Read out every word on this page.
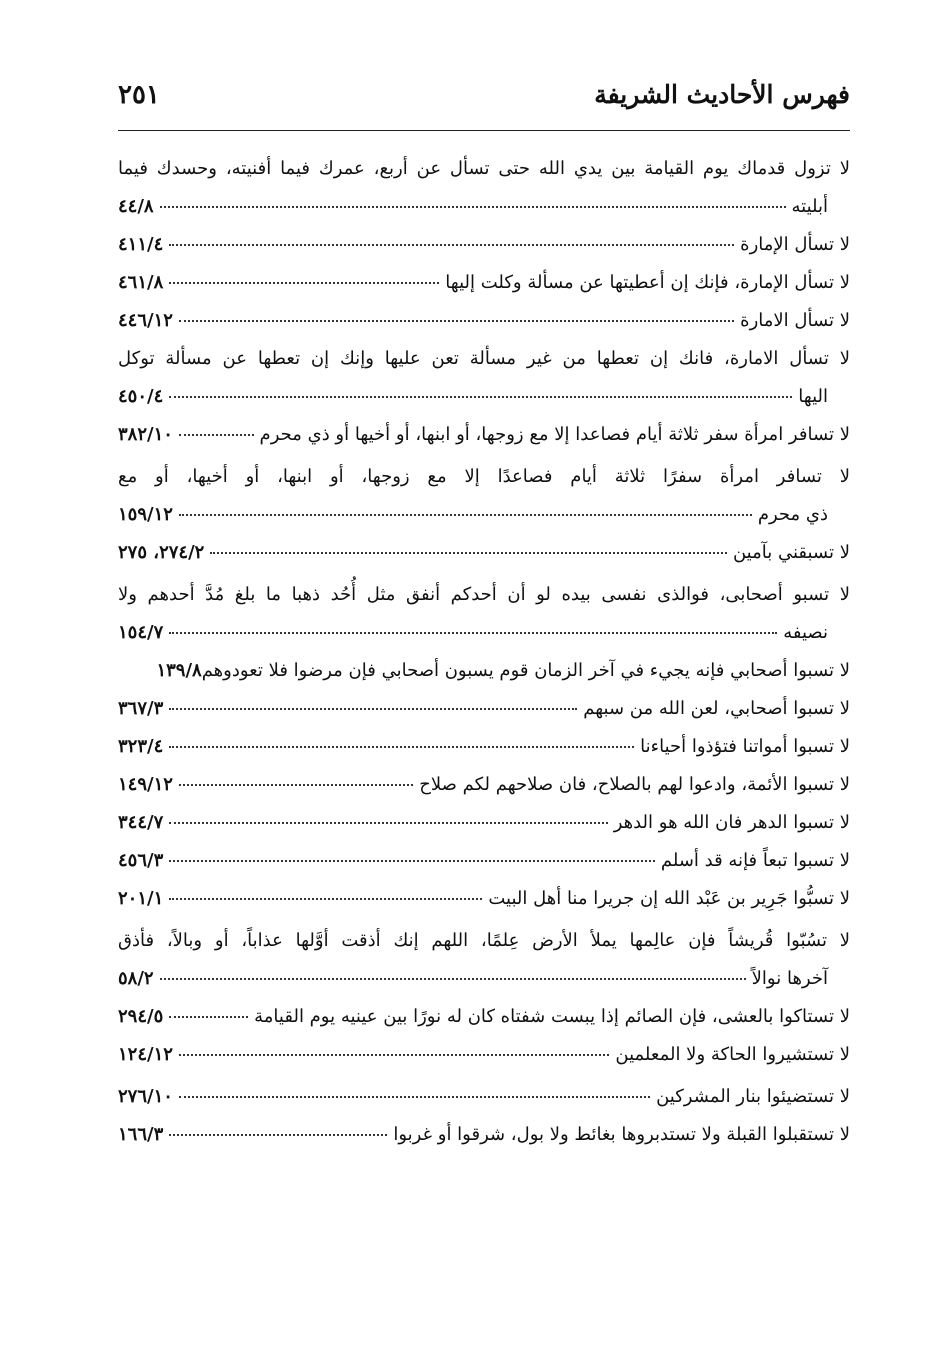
٢٥١	فهرس الأحاديث الشريفة
لا تزول قدماك يوم القيامة بين يدي الله حتى تسأل عن أربع، عمرك فيما أفنيته، وحسدك فيما
أبليته
٤٤/٨
لا تسأل الإمارة
٤١١/٤
لا تسأل الإمارة، فإنك إن أعطيتها عن مسألة وكلت إليها
٤٦١/٨
لا تسأل الامارة
٤٤٦/١٢
لا تسأل الامارة، فانك إن تعطها من غير مسألة تعن عليها وإنك إن تعطها عن مسألة توكل
اليها
٤٥٠/٤
لا تسافر امرأة سفر ثلاثة أيام فصاعدا إلا مع زوجها، أو ابنها، أو أخيها أو ذي محرم
٣٨٢/١٠
لا تسافر امرأة سفرًا ثلاثة أيام فصاعدًا إلا مع زوجها، أو ابنها، أو أخيها، أو مع
ذي محرم
١٥٩/١٢
لا تسبقني بآمين
٢٧٤/٢، ٢٧٥
لا تسبو أصحابى، فوالذى نفسى بيده لو أن أحدكم أنفق مثل أُحُد ذهبا ما بلغ مُدَّ أحدهم ولا
نصيفه
١٥٤/٧
لا تسبوا أصحابي فإنه يجيء في آخر الزمان قوم يسبون أصحابي فإن مرضوا فلا تعودوهم
١٣٩/٨
لا تسبوا أصحابي، لعن الله من سبهم
٣٦٧/٣
لا تسبوا أمواتنا فتؤذوا أحياءنا
٣٢٣/٤
لا تسبوا الأئمة، وادعوا لهم بالصلاح، فان صلاحهم لكم صلاح
١٤٩/١٢
لا تسبوا الدهر فان الله هو الدهر
٣٤٤/٧
لا تسبوا تبعاً فإنه قد أسلم
٤٥٦/٣
لا تسبُّوا جَرِير بن عَبْد الله إن جريرا منا أهل البيت
٢٠١/١
لا تسُبّوا قُريشاً فإن عالِمها يملأ الأرض عِلمًا، اللهم إنك أذقت أوَّلها عذاباً، أو وبالاً، فأذق
آخرها نوالاً
٥٨/٢
لا تستاكوا بالعشى، فإن الصائم إذا يبست شفتاه كان له نورًا بين عينيه يوم القيامة
٢٩٤/٥
لا تستشيروا الحاكة ولا المعلمين
١٢٤/١٢
لا تستضيئوا بنار المشركين
٢٧٦/١٠
لا تستقبلوا القبلة ولا تستدبروها بغائط ولا بول، شرقوا أو غربوا
١٦٦/٣
